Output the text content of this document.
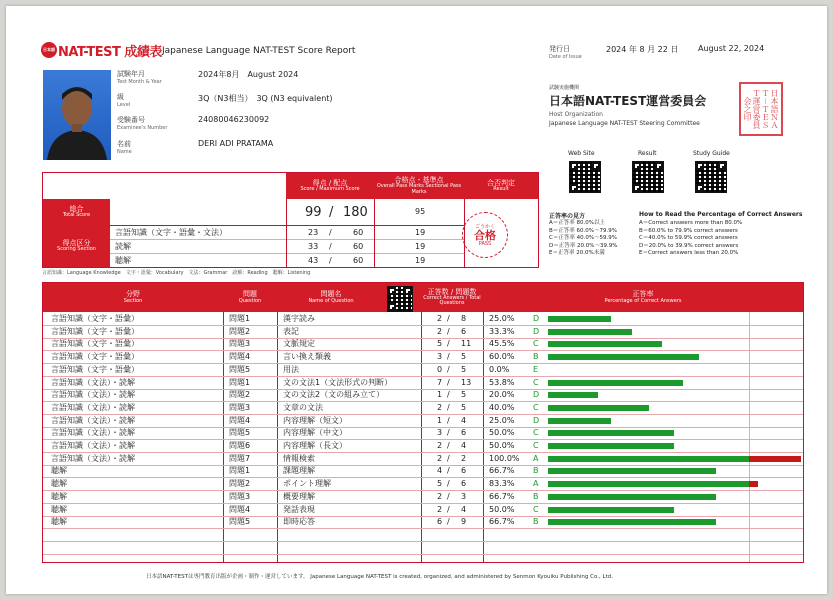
日本語 NAT-TEST 成績表 Japanese Language NAT-TEST Score Report	発行日
Date of Issue
2024 年 8 月 22 日 August 22, 2024
試験年月
Test Month & Year
2024年8月　August 2024
級
Level
3Q（N3相当）　3Q (N3 equivalent)
受験番号
Examinee's Number
24080046230092
名前
Name
DERI ADI PRATAMA
試験実施機関
日本語NAT-TEST運営委員会
Host Organization
Japanese Language NAT-TEST Steering Committee	日本語ＮＡＴ－ＴＥＳＴ運営委員会之印
Web Site	Result	Study Guide
正答率の見方
A＝正答率 80.0%以上
B＝正答率 60.0%〜79.9%
C＝正答率 40.0%〜59.9%
D＝正答率 20.0%〜39.9%
E＝正答率 20.0%未満
How to Read the Percentage of Correct Answers
A＝Correct answers more than 80.0%
B＝60.0% to 79.9% correct answers
C＝40.0% to 59.9% correct answers
D＝20.0% to 39.9% correct answers
E＝Correct answers less than 20.0%
得点 / 配点
Score / Maximum Score
合格点・基準点
Overall Pass Marks Sectional Pass Marks
合否判定
Result
総合
Total Score
得点区分
Scoring Section
99 / 180	95
言語知識（文字・語彙・文法）	23 /	60	19
読解	33 /	60	19
聴解	43 /	60	19
ごうかく
合格
PASS
言語知識：Language Knowledge　文字・語彙：Vocabulary　文法：Grammar　読解：Reading　聴解：Listening
分野
Section
問題
Question
問題名
Name of Question
正答数 / 問題数
Correct Answers / Total Questions
正答率
Percentage of Correct Answers
言語知識（文字・語彙）	問題1	漢字読み	2 / 8	25.0% D
言語知識（文字・語彙）	問題2	表記	2 / 6	33.3% D
言語知識（文字・語彙）	問題3	文脈規定	5 / 11 45.5% C
言語知識（文字・語彙）	問題4	言い換え類義	3 / 5	60.0% B
言語知識（文字・語彙）	問題5	用法	0 / 5	0.0%	E
言語知識（文法）・読解	問題1	文の文法1（文法形式の判断）	7 / 13 53.8% C
言語知識（文法）・読解	問題2	文の文法2（文の組み立て）	1 / 5	20.0% D
言語知識（文法）・読解	問題3	文章の文法	2 / 5	40.0% C
言語知識（文法）・読解	問題4	内容理解（短文）	1 / 4	25.0% D
言語知識（文法）・読解	問題5	内容理解（中文）	3 / 6	50.0% C
言語知識（文法）・読解	問題6	内容理解（長文）	2 / 4	50.0% C
言語知識（文法）・読解	問題7	情報検索	2 / 2	100.0% A
聴解	問題1	課題理解	4 / 6	66.7% B
聴解	問題2	ポイント理解	5 / 6	83.3% A
聴解	問題3	概要理解	2 / 3	66.7% B
聴解	問題4	発話表現	2 / 4	50.0% C
聴解	問題5	即時応答	6 / 9	66.7% B
日本語NAT-TESTは専門教育出版が企画・制作・運営しています。 Japanese Language NAT-TEST is created, organized, and administered by Senmon Kyouiku Publishing Co., Ltd.
